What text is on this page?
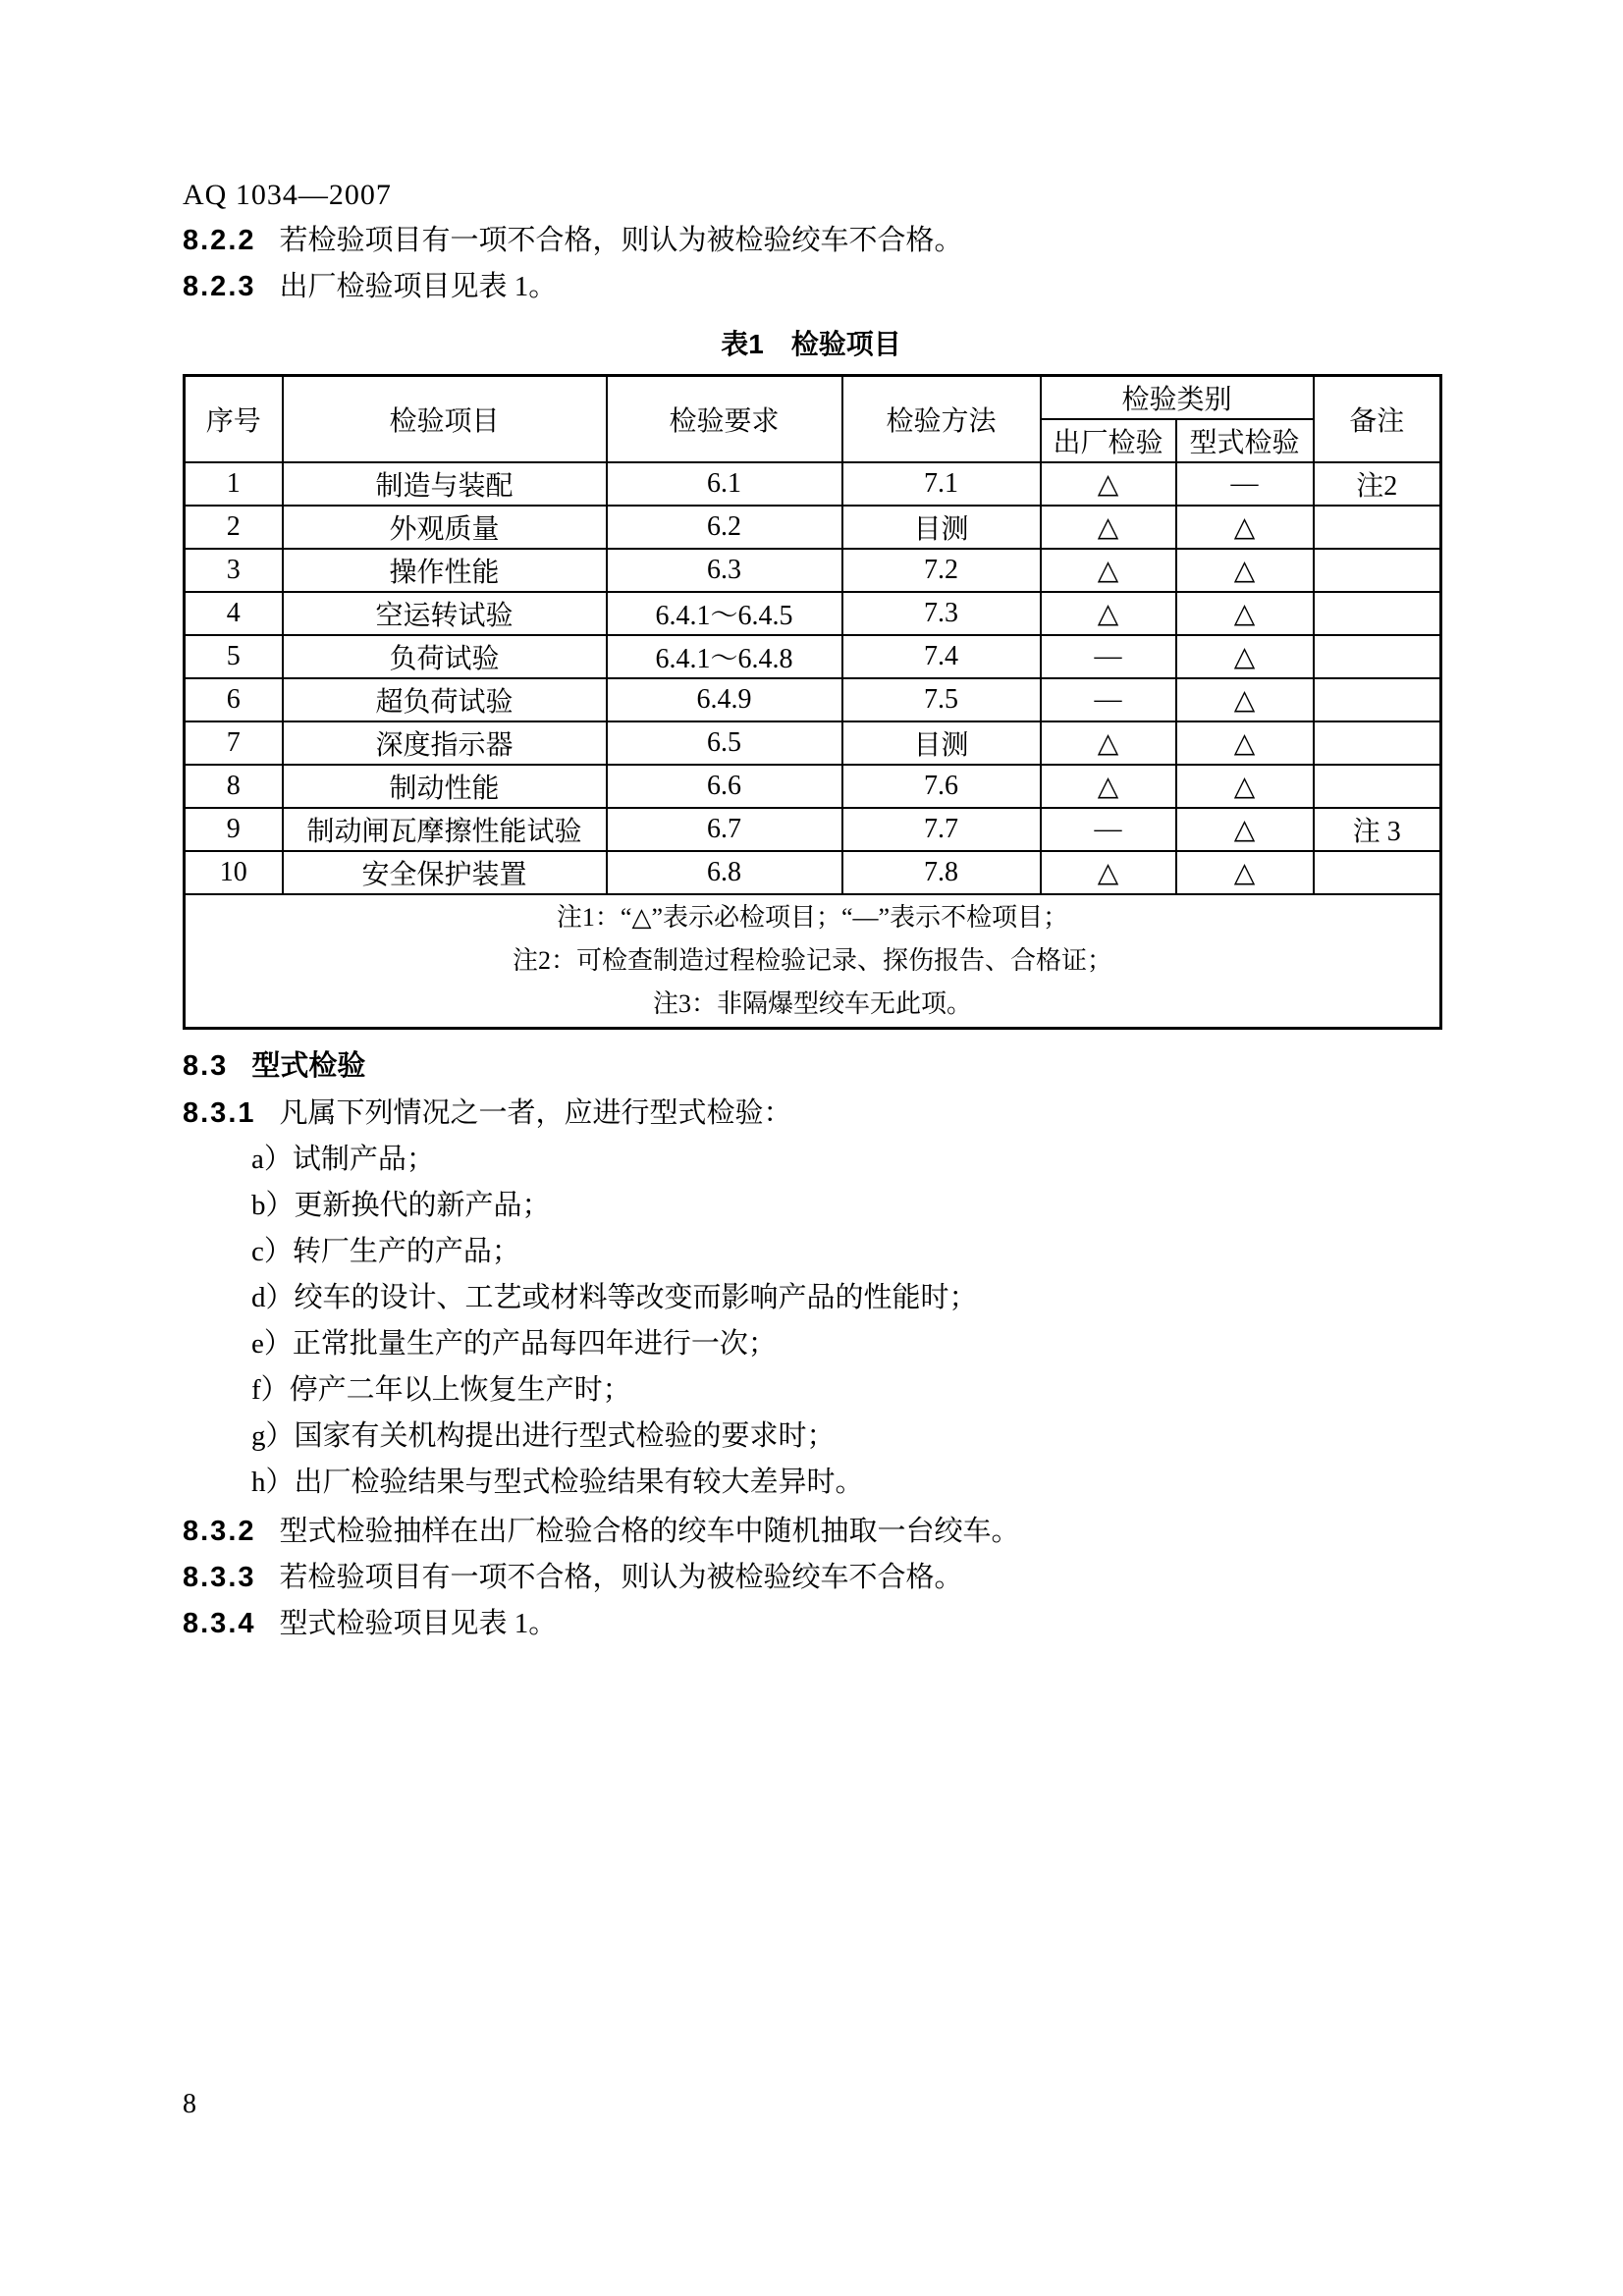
AQ 1034—2007
8.2.2 若检验项目有一项不合格，则认为被检验绞车不合格。
8.2.3 出厂检验项目见表 1。
表1 检验项目
序号	检验项目	检验要求	检验方法	检验类别		备注
				出厂检验	型式检验	
1	制造与装配	6.1	7.1	△	—	注2
2	外观质量	6.2	目测	△	△	
3	操作性能	6.3	7.2	△	△	
4	空运转试验	6.4.1～6.4.5	7.3	△	△	
5	负荷试验	6.4.1～6.4.8	7.4	—	△	
6	超负荷试验	6.4.9	7.5	—	△	
7	深度指示器	6.5	目测	△	△	
8	制动性能	6.6	7.6	△	△	
9	制动闸瓦摩擦性能试验	6.7	7.7	—	△	注 3
10	安全保护装置	6.8	7.8	△	△	

注1：“△”表示必检项目；“—”表示不检项目；
注2：可检查制造过程检验记录、探伤报告、合格证；
注3：非隔爆型绞车无此项。						
8.3 型式检验
8.3.1 凡属下列情况之一者，应进行型式检验：
a）试制产品；
b）更新换代的新产品；
c）转厂生产的产品；
d）绞车的设计、工艺或材料等改变而影响产品的性能时；
e）正常批量生产的产品每四年进行一次；
f）停产二年以上恢复生产时；
g）国家有关机构提出进行型式检验的要求时；
h）出厂检验结果与型式检验结果有较大差异时。
8.3.2 型式检验抽样在出厂检验合格的绞车中随机抽取一台绞车。
8.3.3 若检验项目有一项不合格，则认为被检验绞车不合格。
8.3.4 型式检验项目见表 1。
8
